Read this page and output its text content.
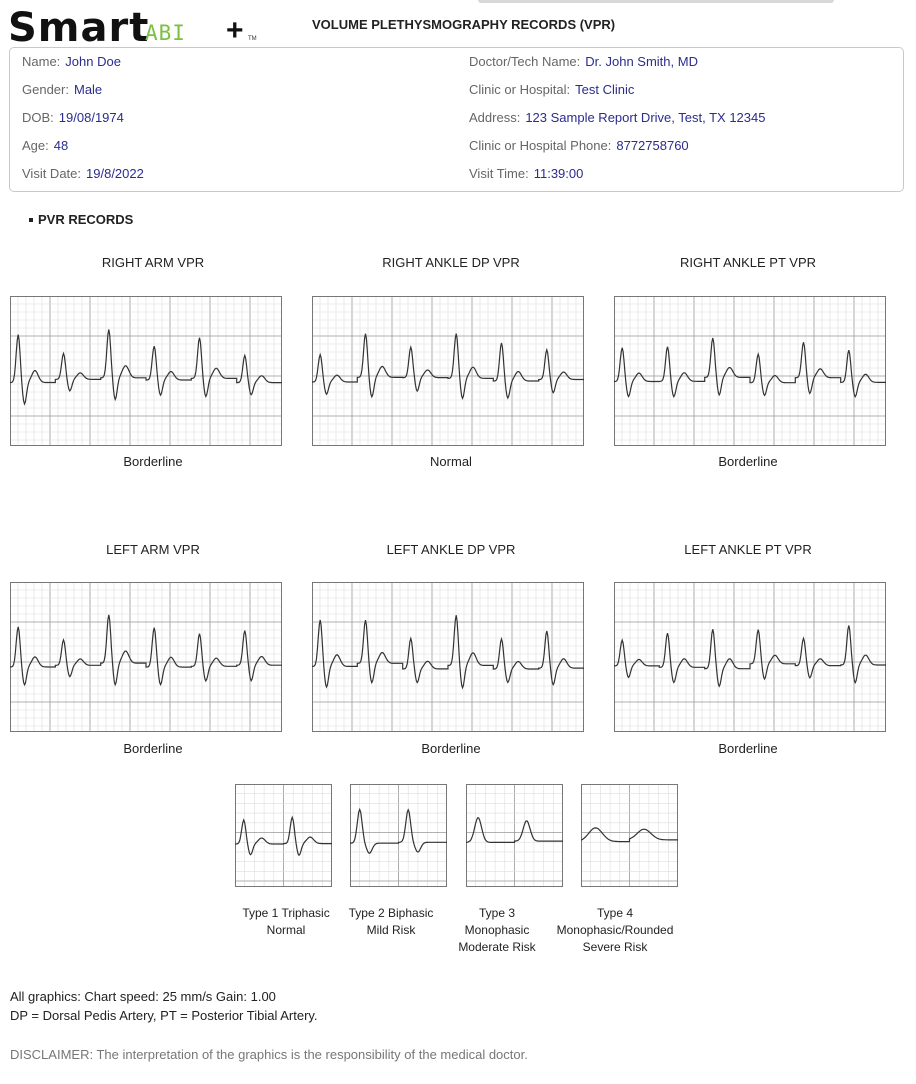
Smart
ABI + TM
VOLUME PLETHYSMOGRAPHY RECORDS (VPR)
Name: John Doe
Gender: Male
DOB: 19/08/1974
Age: 48
Visit Date: 19/8/2022
Doctor/Tech Name: Dr. John Smith, MD
Clinic or Hospital: Test Clinic
Address: 123 Sample Report Drive, Test, TX 12345
Clinic or Hospital Phone: 8772758760
Visit Time: 11:39:00
PVR RECORDS
RIGHT ARM VPR	RIGHT ANKLE DP VPR	RIGHT ANKLE PT VPR
Borderline	Normal	Borderline
LEFT ARM VPR	LEFT ANKLE DP VPR	LEFT ANKLE PT VPR
Borderline	Borderline	Borderline
Type 1 Triphasic
Normal
Type 2 Biphasic
Mild Risk
Type 3
Monophasic
Moderate Risk
Type 4
Monophasic/Rounded
Severe Risk
All graphics: Chart speed: 25 mm/s Gain: 1.00
DP = Dorsal Pedis Artery, PT = Posterior Tibial Artery.
DISCLAIMER: The interpretation of the graphics is the responsibility of the medical doctor.
